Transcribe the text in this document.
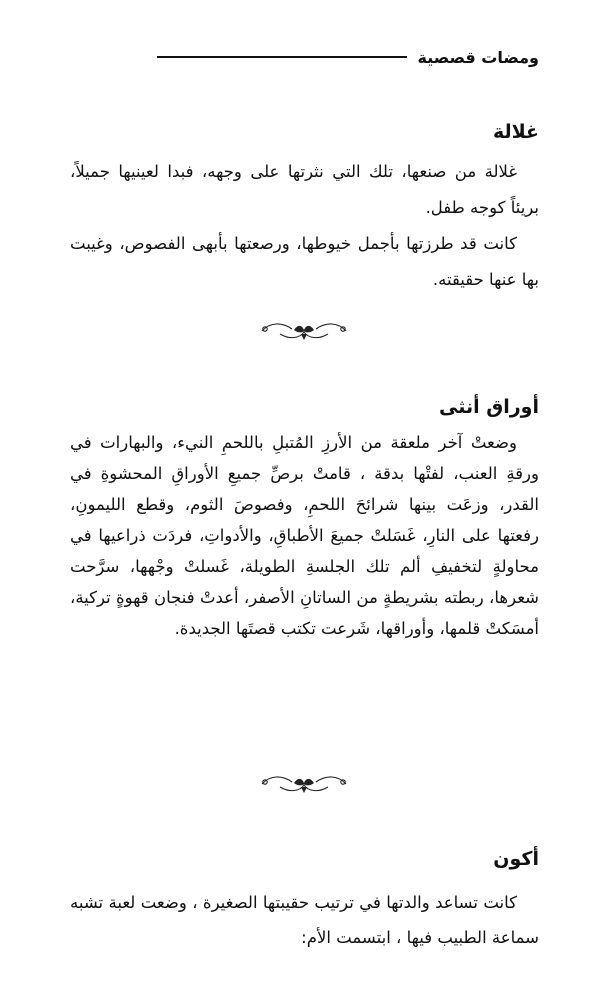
ومضات قصصية
غلالة

غلالة من صنعها، تلك التي نثرتها على وجهه، فبدا لعينيها جميلاً، بريئاً كوجه طفل.

كانت قد طرزتها بأجمل خيوطها، ورصعتها بأبهى الفصوص، وغيبت بها عنها حقيقته.

أوراق أنثى

وضعتْ آخر ملعقة من الأرزِ المُتبلِ باللحمِ النيء، والبهارات في ورقةِ العنب، لفتْها بدقة ، قامتْ برصِّ جميعِ الأوراقِ المحشوةِ في القدر، وزعَت بينها شرائحَ اللحمِ، وفصوصَ الثوم، وقطع الليمونِ، رفعتها على النارِ، غَسَلتْ جميعَ الأطباقِ، والأدواتِ، فردَت ذراعيها في محاولةٍ لتخفيفِ ألم تلك الجلسةِ الطويلة، غَسلتْ وجْهها، سرَّحت شعرها، ربطته بشريطةٍ من الساتانِ الأصفر، أعدتْ فنجان قهوةٍ تركية، أمسَكتْ قلمها، وأوراقها، شَرعت تكتب قصتَها الجديدة.

أكون

كانت تساعد والدتها في ترتيب حقيبتها الصغيرة ، وضعت لعبة تشبه سماعة الطبيب فيها ، ابتسمت الأم:
